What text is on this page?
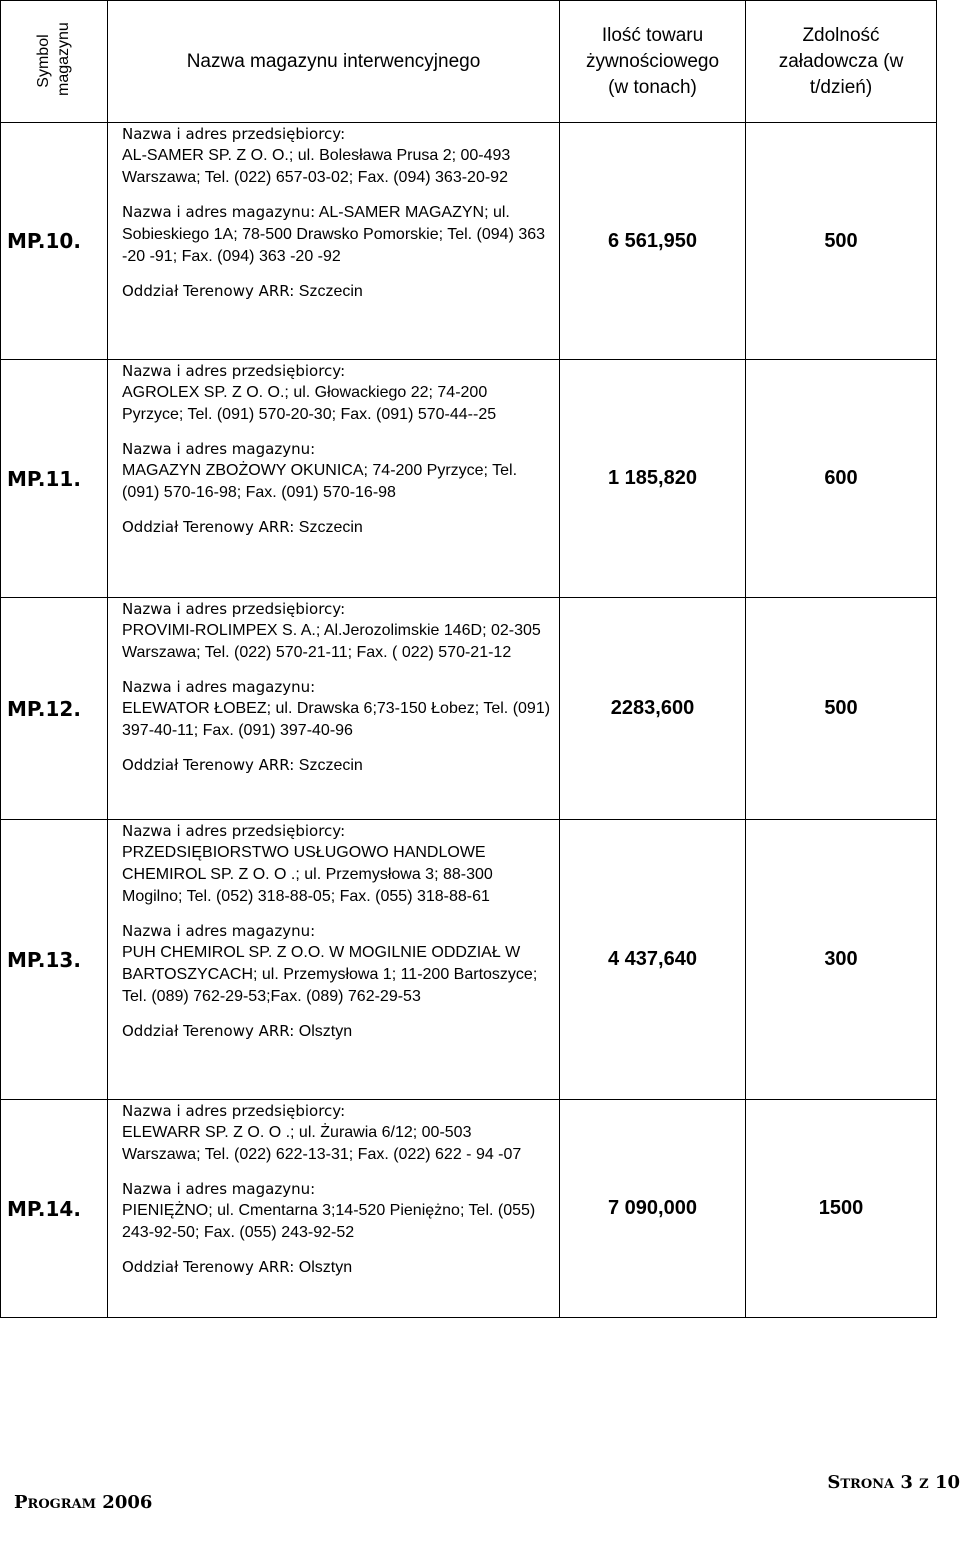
Symbol magazynu	Nazwa magazynu interwencyjnego	Ilość towaru żywnościowego (w tonach)	Zdolność załadowcza (w t/dzień)
MP.10.	Nazwa i adres przedsiębiorcy:
AL-SAMER SP. Z O. O.; ul. Bolesława Prusa 2; 00-493 Warszawa; Tel. (022) 657-03-02; Fax. (094) 363-20-92
Nazwa i adres magazynu: AL-SAMER MAGAZYN; ul. Sobieskiego 1A; 78-500 Drawsko Pomorskie; Tel. (094) 363 -20 -91; Fax. (094) 363 -20 -92
Oddział Terenowy ARR: Szczecin	6 561,950	500
MP.11.	Nazwa i adres przedsiębiorcy:
AGROLEX SP. Z O. O.; ul. Głowackiego 22; 74-200 Pyrzyce; Tel. (091) 570-20-30; Fax. (091) 570-44--25
Nazwa i adres magazynu:
MAGAZYN ZBOŻOWY OKUNICA; 74-200 Pyrzyce; Tel. (091) 570-16-98; Fax. (091) 570-16-98
Oddział Terenowy ARR: Szczecin	1 185,820	600
MP.12.	Nazwa i adres przedsiębiorcy:
PROVIMI-ROLIMPEX S. A.; Al.Jerozolimskie 146D; 02-305 Warszawa; Tel. (022) 570-21-11; Fax. ( 022) 570-21-12
Nazwa i adres magazynu:
ELEWATOR ŁOBEZ; ul. Drawska 6;73-150 Łobez; Tel. (091) 397-40-11; Fax. (091) 397-40-96
Oddział Terenowy ARR: Szczecin	2283,600	500
MP.13.	Nazwa i adres przedsiębiorcy:
PRZEDSIĘBIORSTWO USŁUGOWO HANDLOWE CHEMIROL SP. Z O. O .; ul. Przemysłowa 3; 88-300 Mogilno; Tel. (052) 318-88-05; Fax. (055) 318-88-61
Nazwa i adres magazynu:
PUH CHEMIROL SP. Z O.O. W MOGILNIE ODDZIAŁ W BARTOSZYCACH; ul. Przemysłowa 1; 11-200 Bartoszyce; Tel. (089) 762-29-53;Fax. (089) 762-29-53
Oddział Terenowy ARR: Olsztyn	4 437,640	300
MP.14.	Nazwa i adres przedsiębiorcy:
ELEWARR SP. Z O. O .; ul. Żurawia 6/12; 00-503 Warszawa; Tel. (022) 622-13-31; Fax. (022) 622 - 94 -07
Nazwa i adres magazynu:
PIENIĘŻNO; ul. Cmentarna 3;14-520 Pieniężno; Tel. (055) 243-92-50; Fax. (055) 243-92-52
Oddział Terenowy ARR: Olsztyn	7 090,000	1500
Program 2006
Strona 3 z 10
